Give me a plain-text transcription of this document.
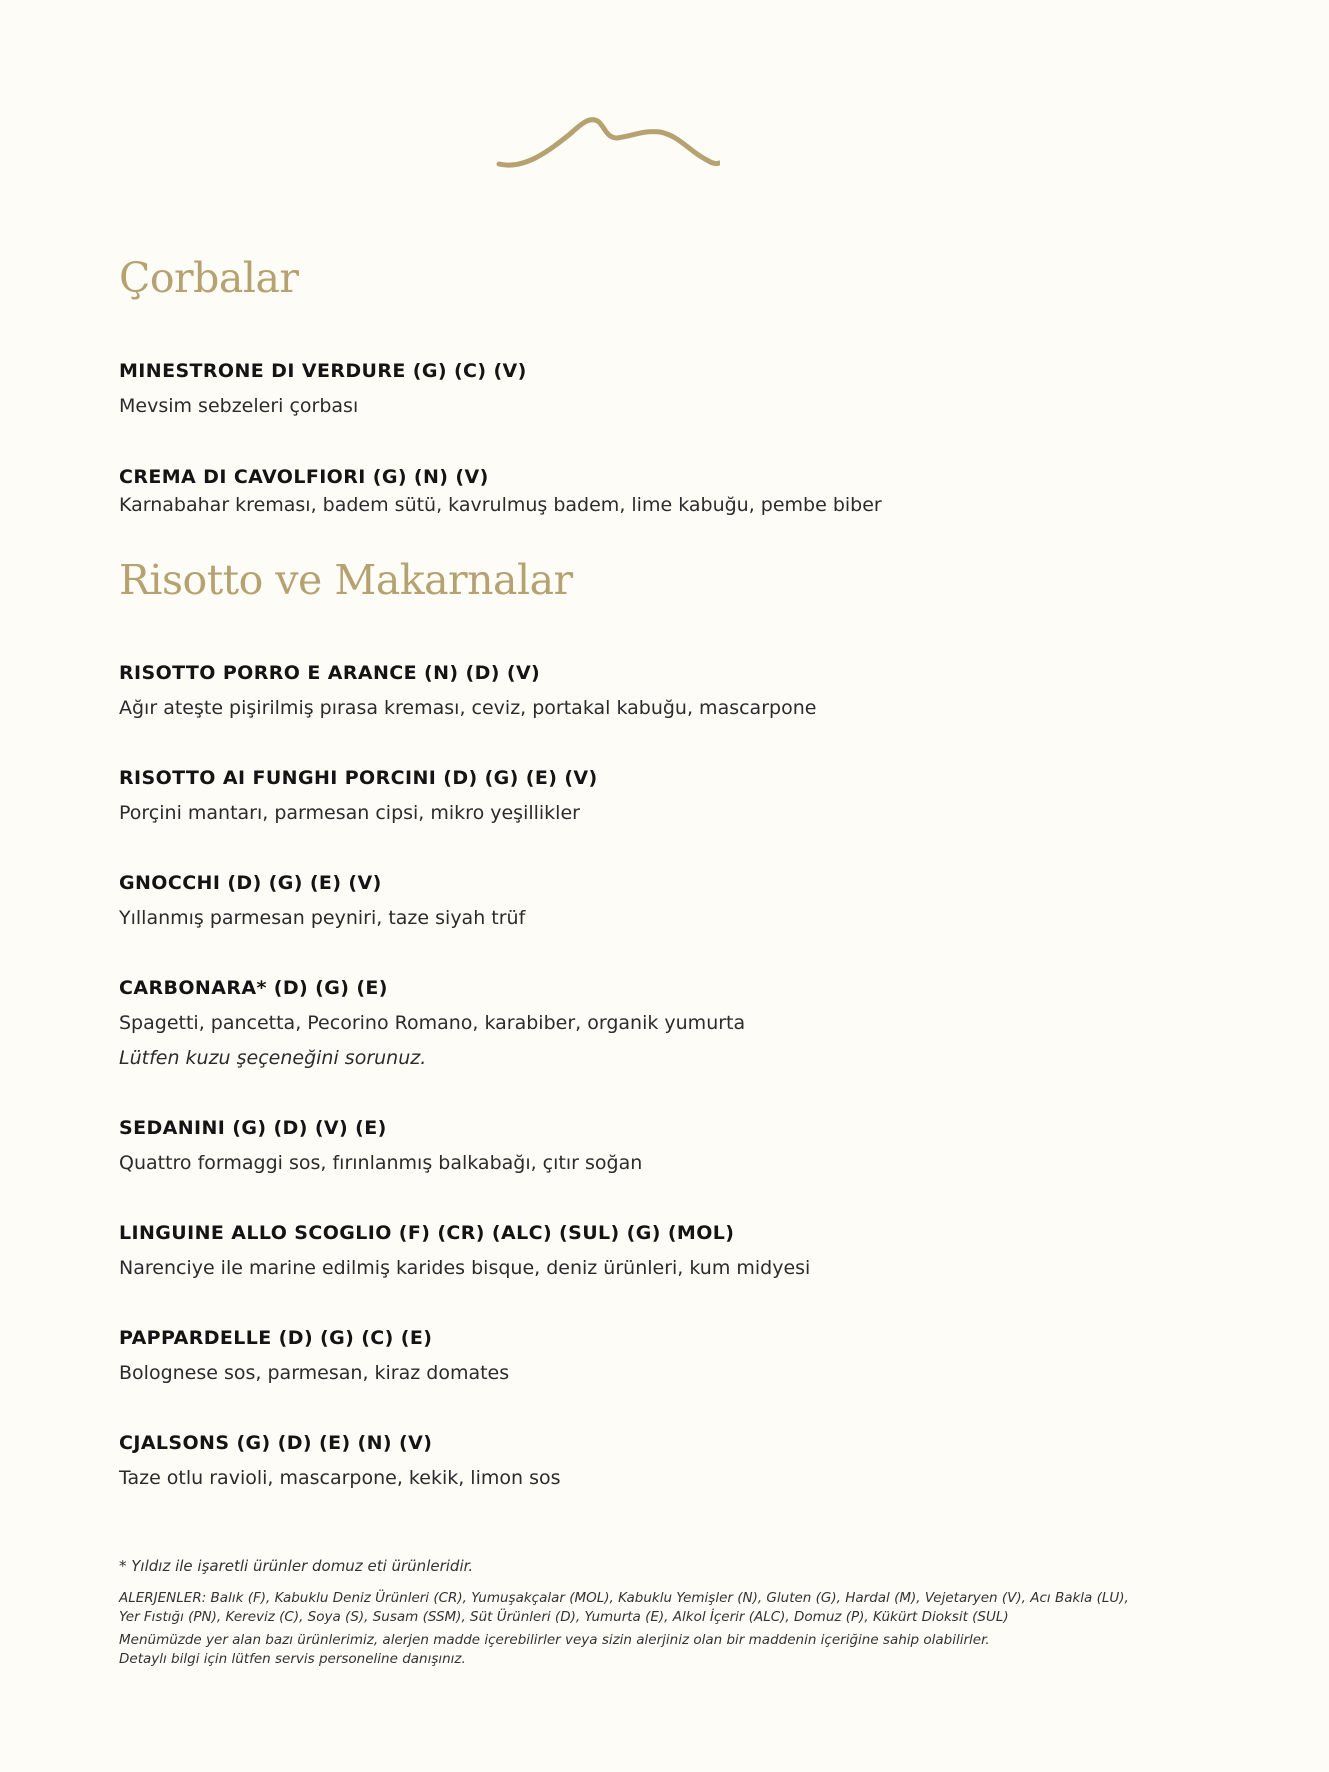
Çorbalar

MINESTRONE DI VERDURE (G) (C) (V)

Mevsim sebzeleri çorbası

CREMA DI CAVOLFIORI (G) (N) (V)

Karnabahar kreması, badem sütü, kavrulmuş badem, lime kabuğu, pembe biber

Risotto ve Makarnalar

RISOTTO PORRO E ARANCE (N) (D) (V)

Ağır ateşte pişirilmiş pırasa kreması, ceviz, portakal kabuğu, mascarpone

RISOTTO AI FUNGHI PORCINI (D) (G) (E) (V)

Porçini mantarı, parmesan cipsi, mikro yeşillikler

GNOCCHI (D) (G) (E) (V)

Yıllanmış parmesan peyniri, taze siyah trüf

CARBONARA* (D) (G) (E)

Spagetti, pancetta, Pecorino Romano, karabiber, organik yumurta

Lütfen kuzu şeçeneğini sorunuz.

SEDANINI (G) (D) (V) (E)

Quattro formaggi sos, fırınlanmış balkabağı, çıtır soğan

LINGUINE ALLO SCOGLIO (F) (CR) (ALC) (SUL) (G) (MOL)

Narenciye ile marine edilmiş karides bisque, deniz ürünleri, kum midyesi

PAPPARDELLE (D) (G) (C) (E)

Bolognese sos, parmesan, kiraz domates

CJALSONS (G) (D) (E) (N) (V)

Taze otlu ravioli, mascarpone, kekik, limon sos

* Yıldız ile işaretli ürünler domuz eti ürünleridir.

ALERJENLER: Balık (F), Kabuklu Deniz Ürünleri (CR), Yumuşakçalar (MOL), Kabuklu Yemişler (N), Gluten (G), Hardal (M), Vejetaryen (V), Acı Bakla (LU),
Yer Fıstığı (PN), Kereviz (C), Soya (S), Susam (SSM), Süt Ürünleri (D), Yumurta (E), Alkol İçerir (ALC), Domuz (P), Kükürt Dioksit (SUL)

Menümüzde yer alan bazı ürünlerimiz, alerjen madde içerebilirler veya sizin alerjiniz olan bir maddenin içeriğine sahip olabilirler.
Detaylı bilgi için lütfen servis personeline danışınız.
